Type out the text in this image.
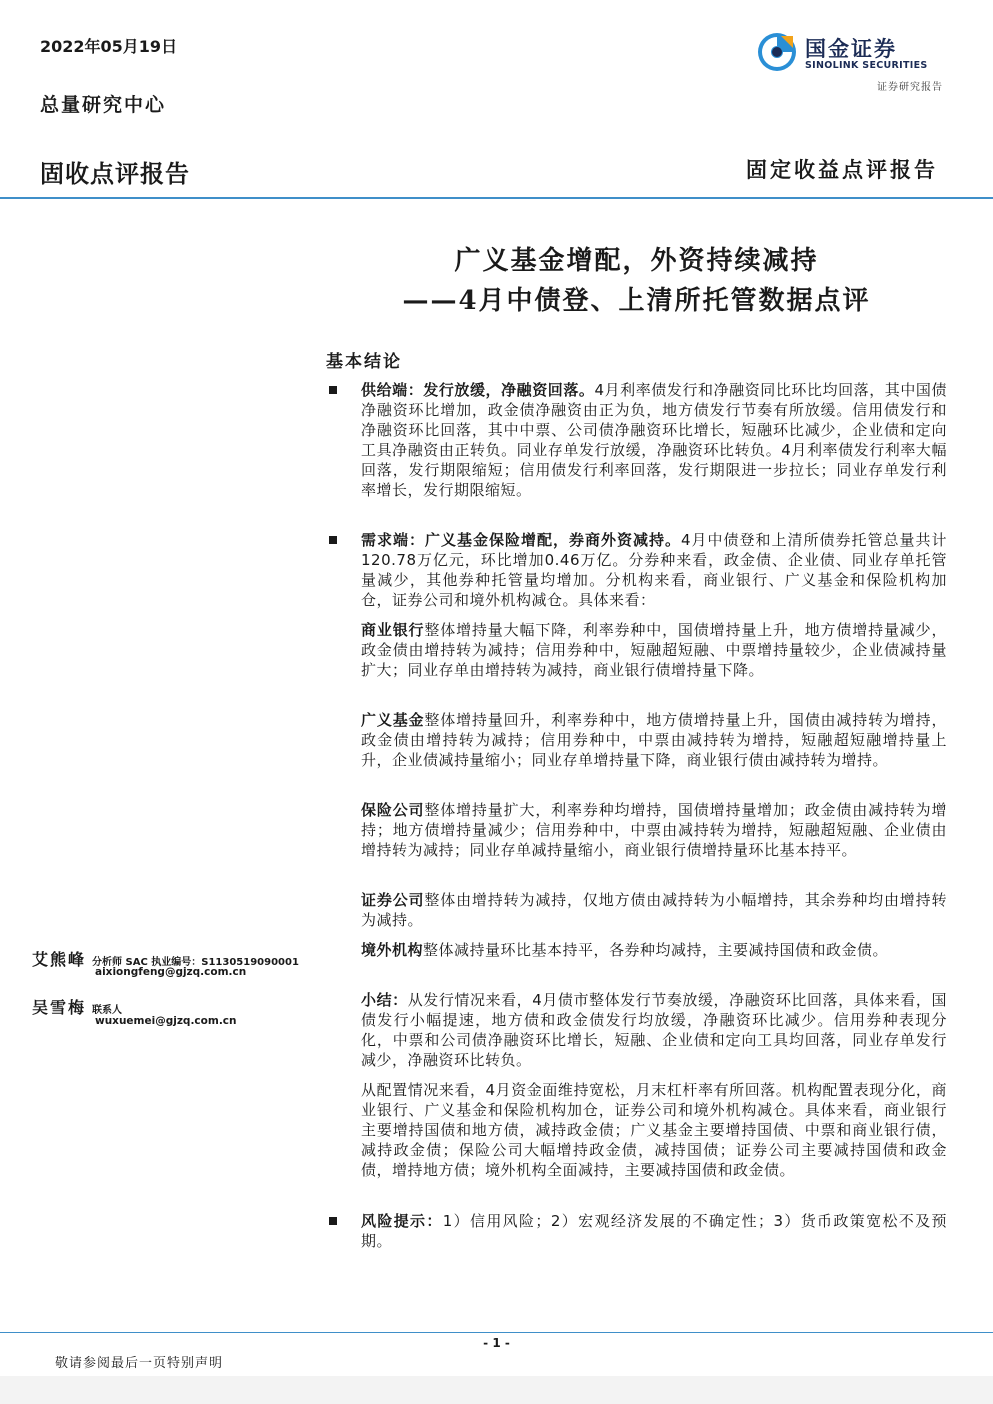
2022年05月19日
总量研究中心
国金证券
SINOLINK SECURITIES
证券研究报告
固收点评报告	固定收益点评报告
广义基金增配，外资持续减持
——4月中债登、上清所托管数据点评
基本结论
供给端：发行放缓，净融资回落。4月利率债发行和净融资同比环比均回落，其中国债净融资环比增加，政金债净融资由正为负，地方债发行节奏有所放缓。信用债发行和净融资环比回落，其中中票、公司债净融资环比增长，短融环比减少，企业债和定向工具净融资由正转负。同业存单发行放缓，净融资环比转负。4月利率债发行利率大幅回落，发行期限缩短；信用债发行利率回落，发行期限进一步拉长；同业存单发行利率增长，发行期限缩短。
需求端：广义基金保险增配，券商外资减持。4月中债登和上清所债券托管总量共计120.78万亿元，环比增加0.46万亿。分券种来看，政金债、企业债、同业存单托管量减少，其他券种托管量均增加。分机构来看，商业银行、广义基金和保险机构加仓，证券公司和境外机构减仓。具体来看：
商业银行整体增持量大幅下降，利率券种中，国债增持量上升，地方债增持量减少，政金债由增持转为减持；信用券种中，短融超短融、中票增持量较少，企业债减持量扩大；同业存单由增持转为减持，商业银行债增持量下降。
广义基金整体增持量回升，利率券种中，地方债增持量上升，国债由减持转为增持，政金债由增持转为减持；信用券种中，中票由减持转为增持，短融超短融增持量上升，企业债减持量缩小；同业存单增持量下降，商业银行债由减持转为增持。
保险公司整体增持量扩大，利率券种均增持，国债增持量增加；政金债由减持转为增持；地方债增持量减少；信用券种中，中票由减持转为增持，短融超短融、企业债由增持转为减持；同业存单减持量缩小，商业银行债增持量环比基本持平。
证券公司整体由增持转为减持，仅地方债由减持转为小幅增持，其余券种均由增持转为减持。
境外机构整体减持量环比基本持平，各券种均减持，主要减持国债和政金债。
小结：从发行情况来看，4月债市整体发行节奏放缓，净融资环比回落，具体来看，国债发行小幅提速，地方债和政金债发行均放缓，净融资环比减少。信用券种表现分化，中票和公司债净融资环比增长，短融、企业债和定向工具均回落，同业存单发行减少，净融资环比转负。
从配置情况来看，4月资金面维持宽松，月末杠杆率有所回落。机构配置表现分化，商业银行、广义基金和保险机构加仓，证券公司和境外机构减仓。具体来看，商业银行主要增持国债和地方债，减持政金债；广义基金主要增持国债、中票和商业银行债，减持政金债；保险公司大幅增持政金债，减持国债；证券公司主要减持国债和政金债，增持地方债；境外机构全面减持，主要减持国债和政金债。
风险提示：1）信用风险；2）宏观经济发展的不确定性；3）货币政策宽松不及预期。
艾熊峰 分析师 SAC 执业编号：S1130519090001
aixiongfeng@gjzq.com.cn
吴雪梅 联系人
wuxuemei@gjzq.com.cn
- 1 -
敬请参阅最后一页特别声明
